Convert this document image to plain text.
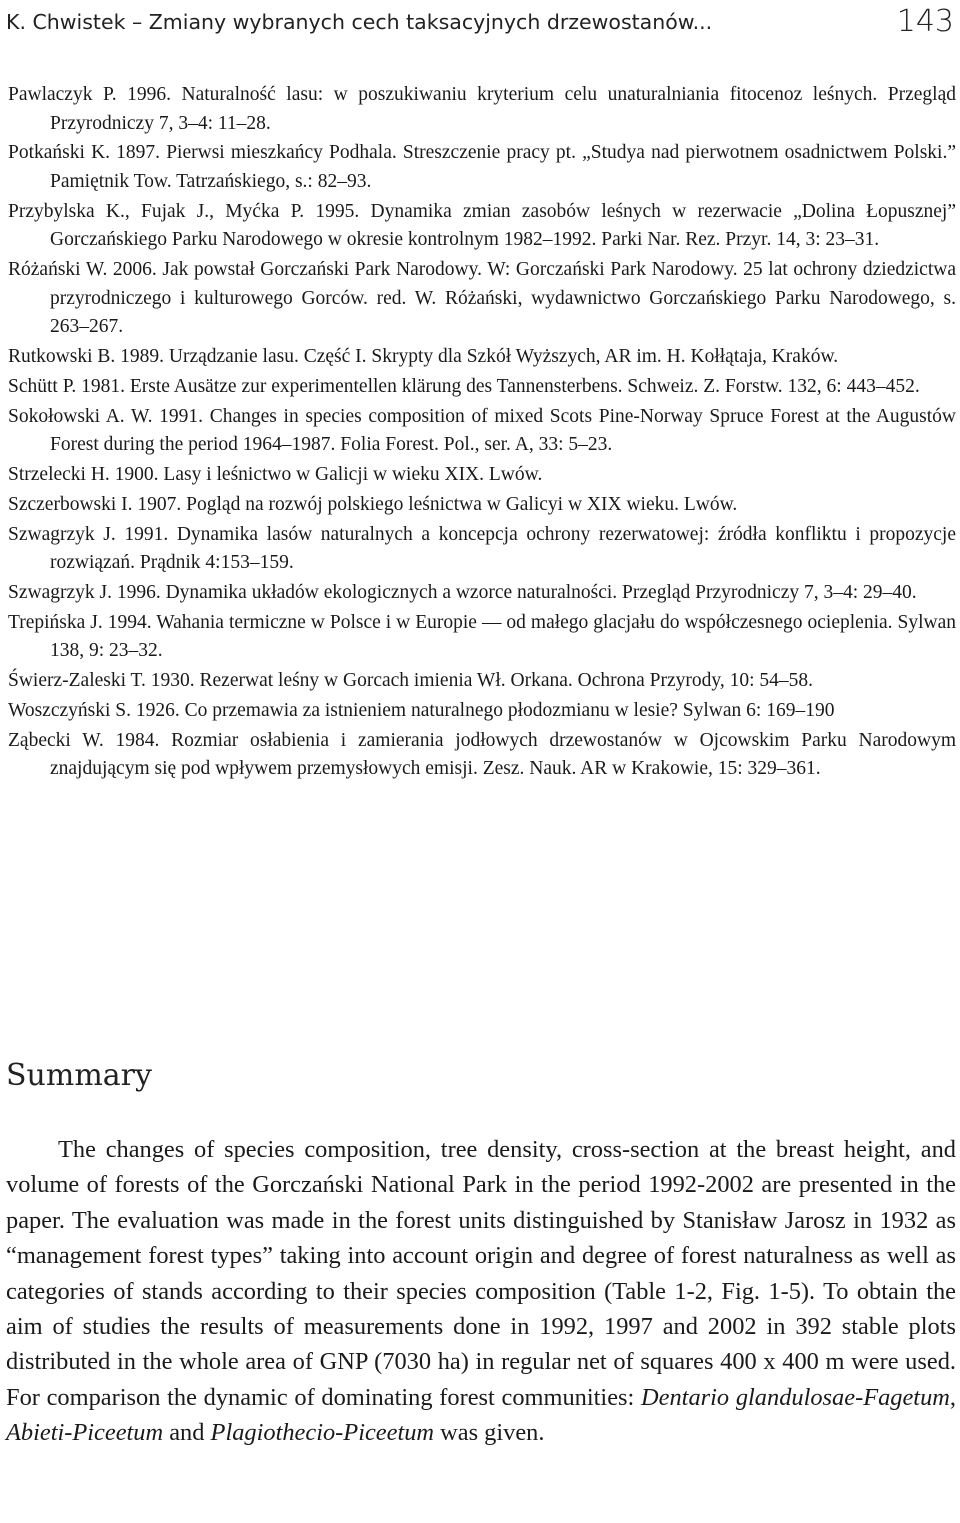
K. Chwistek – Zmiany wybranych cech taksacyjnych drzewostanów...	143

Pawlaczyk P. 1996. Naturalność lasu: w poszukiwaniu kryterium celu unaturalniania fitocenoz leśnych. Przegląd Przyrodniczy 7, 3–4: 11–28.

Potkański K. 1897. Pierwsi mieszkańcy Podhala. Streszczenie pracy pt. „Studya nad pierwotnem osadnictwem Polski.” Pamiętnik Tow. Tatrzańskiego, s.: 82–93.

Przybylska K., Fujak J., Myćka P. 1995. Dynamika zmian zasobów leśnych w rezerwacie „Dolina Łopusznej” Gorczańskiego Parku Narodowego w okresie kontrolnym 1982–1992. Parki Nar. Rez. Przyr. 14, 3: 23–31.

Różański W. 2006. Jak powstał Gorczański Park Narodowy. W: Gorczański Park Narodowy. 25 lat ochrony dziedzictwa przyrodniczego i kulturowego Gorców. red. W. Różański, wydawnictwo Gorczańskiego Parku Narodowego, s. 263–267.

Rutkowski B. 1989. Urządzanie lasu. Część I. Skrypty dla Szkół Wyższych, AR im. H. Kołłątaja, Kraków.

Schütt P. 1981. Erste Ausätze zur experimentellen klärung des Tannensterbens. Schweiz. Z. Forstw. 132, 6: 443–452.

Sokołowski A. W. 1991. Changes in species composition of mixed Scots Pine-Norway Spruce Forest at the Augustów Forest during the period 1964–1987. Folia Forest. Pol., ser. A, 33: 5–23.

Strzelecki H. 1900. Lasy i leśnictwo w Galicji w wieku XIX. Lwów.

Szczerbowski I. 1907. Pogląd na rozwój polskiego leśnictwa w Galicyi w XIX wieku. Lwów.

Szwagrzyk J. 1991. Dynamika lasów naturalnych a koncepcja ochrony rezerwatowej: źródła konfliktu i propozycje rozwiązań. Prądnik 4:153–159.

Szwagrzyk J. 1996. Dynamika układów ekologicznych a wzorce naturalności. Przegląd Przyrodniczy 7, 3–4: 29–40.

Trepińska J. 1994. Wahania termiczne w Polsce i w Europie — od małego glacjału do współczesnego ocieplenia. Sylwan 138, 9: 23–32.

Świerz-Zaleski T. 1930. Rezerwat leśny w Gorcach imienia Wł. Orkana. Ochrona Przyrody, 10: 54–58.

Woszczyński S. 1926. Co przemawia za istnieniem naturalnego płodozmianu w lesie? Sylwan 6: 169–190

Ząbecki W. 1984. Rozmiar osłabienia i zamierania jodłowych drzewostanów w Ojcowskim Parku Narodowym znajdującym się pod wpływem przemysłowych emisji. Zesz. Nauk. AR w Krakowie, 15: 329–361.

Summary

The changes of species composition, tree density, cross-section at the breast height, and volume of forests of the Gorczański National Park in the period 1992-2002 are presented in the paper. The evaluation was made in the forest units distinguished by Stanisław Jarosz in 1932 as “management forest types” taking into account origin and degree of forest naturalness as well as categories of stands according to their species composition (Table 1-2, Fig. 1-5). To obtain the aim of studies the results of measurements done in 1992, 1997 and 2002 in 392 stable plots distributed in the whole area of GNP (7030 ha) in regular net of squares 400 x 400 m were used. For comparison the dynamic of dominating forest communities: Dentario glandulosae-Fagetum, Abieti-Piceetum and Plagiothecio-Piceetum was given.
